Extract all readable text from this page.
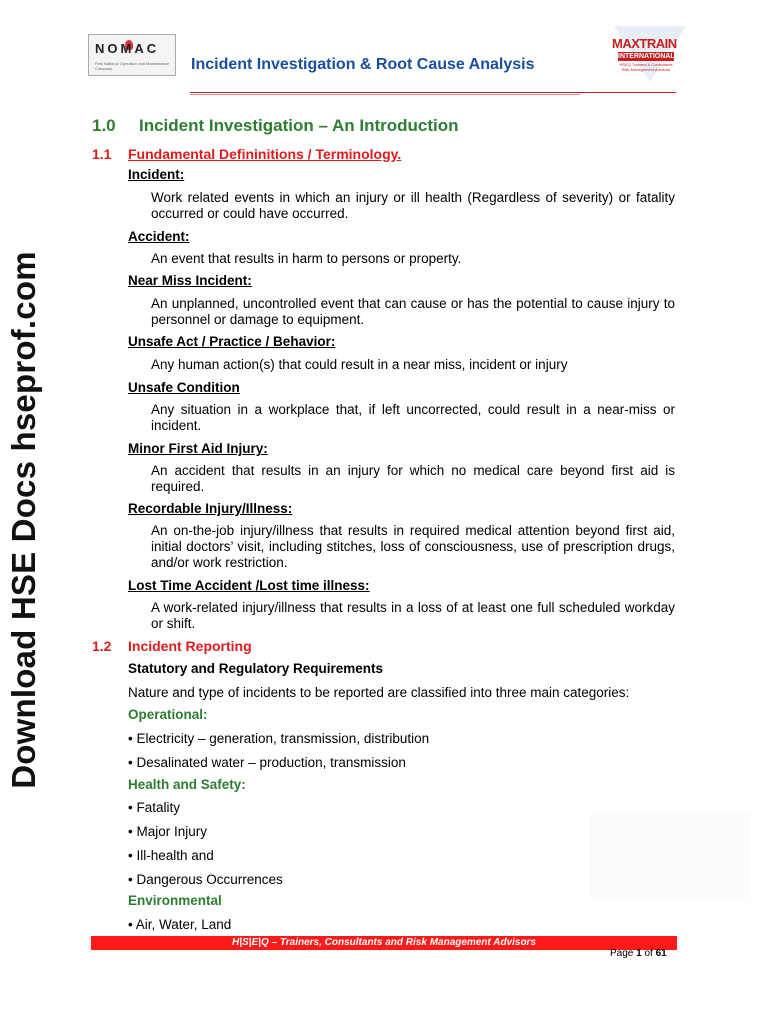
Download HSE Docs hseprof.com
NOMAC
First National Operation and Maintenance Company	Incident Investigation & Root Cause Analysis
MAXTRAIN
INTERNATIONAL
HSEQ Trainers & Consultants Risk Management Advisors
1.0 Incident Investigation – An Introduction
1.1 Fundamental Defininitions / Terminology.
Incident:
Work related events in which an injury or ill health (Regardless of severity) or fatality occurred or could have occurred.
Accident:
An event that results in harm to persons or property.
Near Miss Incident:
An unplanned, uncontrolled event that can cause or has the potential to cause injury to personnel or damage to equipment.
Unsafe Act / Practice / Behavior:
Any human action(s) that could result in a near miss, incident or injury
Unsafe Condition
Any situation in a workplace that, if left uncorrected, could result in a near-miss or incident.
Minor First Aid Injury:
An accident that results in an injury for which no medical care beyond first aid is required.
Recordable Injury/Illness:
An on-the-job injury/illness that results in required medical attention beyond first aid, initial doctors’ visit, including stitches, loss of consciousness, use of prescription drugs, and/or work restriction.
Lost Time Accident /Lost time illness:
A work-related injury/illness that results in a loss of at least one full scheduled workday or shift.
1.2 Incident Reporting
Statutory and Regulatory Requirements
Nature and type of incidents to be reported are classified into three main categories:
Operational:
• Electricity – generation, transmission, distribution
• Desalinated water – production, transmission
Health and Safety:
• Fatality
• Major Injury
• Ill-health and
• Dangerous Occurrences
Environmental
• Air, Water, Land
H|S|E|Q – Trainers, Consultants and Risk Management Advisors
Page 1 of 61
